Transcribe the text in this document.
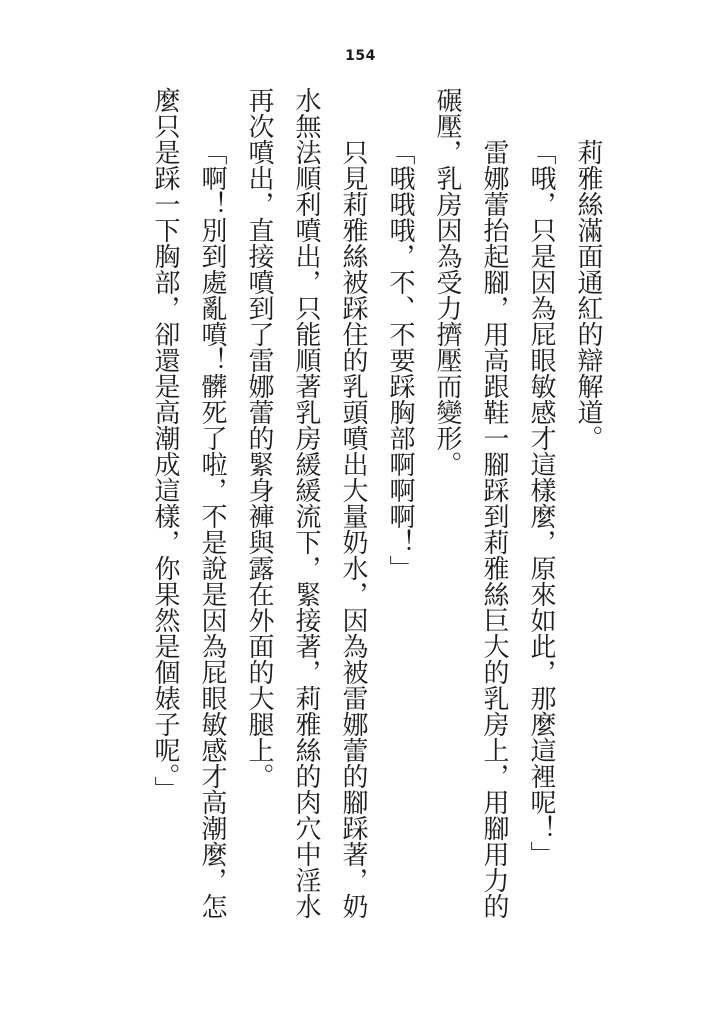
154

莉雅絲滿面通紅的辯解道。

「哦，只是因為屁眼敏感才這樣麼，原來如此，那麼這裡呢！」

雷娜蕾抬起腳，用高跟鞋一腳踩到莉雅絲巨大的乳房上，用腳用力的

碾壓，乳房因為受力擠壓而變形。

「哦哦哦，不、不要踩胸部啊啊啊！」

只見莉雅絲被踩住的乳頭噴出大量奶水，因為被雷娜蕾的腳踩著，奶

水無法順利噴出，只能順著乳房緩緩流下，緊接著，莉雅絲的肉穴中淫水

再次噴出，直接噴到了雷娜蕾的緊身褲與露在外面的大腿上。

「啊！別到處亂噴！髒死了啦，不是說是因為屁眼敏感才高潮麼，怎

麼只是踩一下胸部，卻還是高潮成這樣，你果然是個婊子呢。」
